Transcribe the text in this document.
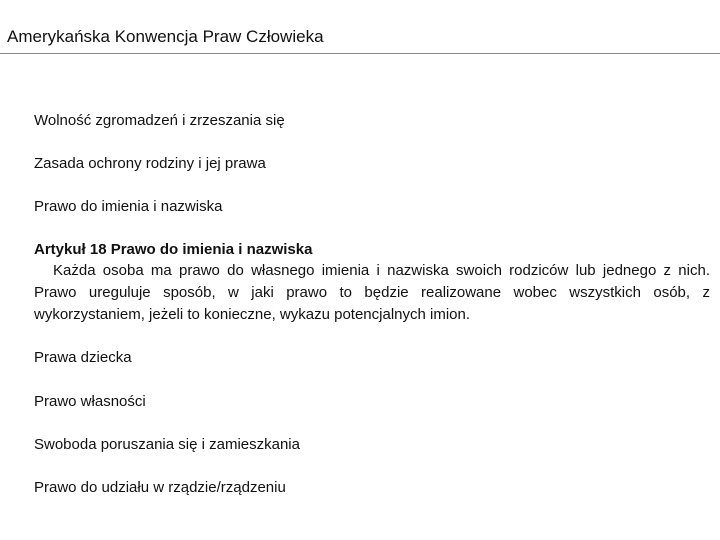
Amerykańska Konwencja Praw Człowieka
Wolność zgromadzeń i zrzeszania się
Zasada ochrony rodziny i jej prawa
Prawo do imienia i nazwiska
Artykuł 18 Prawo do imienia i nazwiska
Każda osoba ma prawo do własnego imienia i nazwiska swoich rodziców lub jednego z nich. Prawo ureguluje sposób, w jaki prawo to będzie realizowane wobec wszystkich osób, z wykorzystaniem, jeżeli to konieczne, wykazu potencjalnych imion.
Prawa dziecka
Prawo własności
Swoboda poruszania się i zamieszkania
Prawo do udziału w rządzie/rządzeniu
